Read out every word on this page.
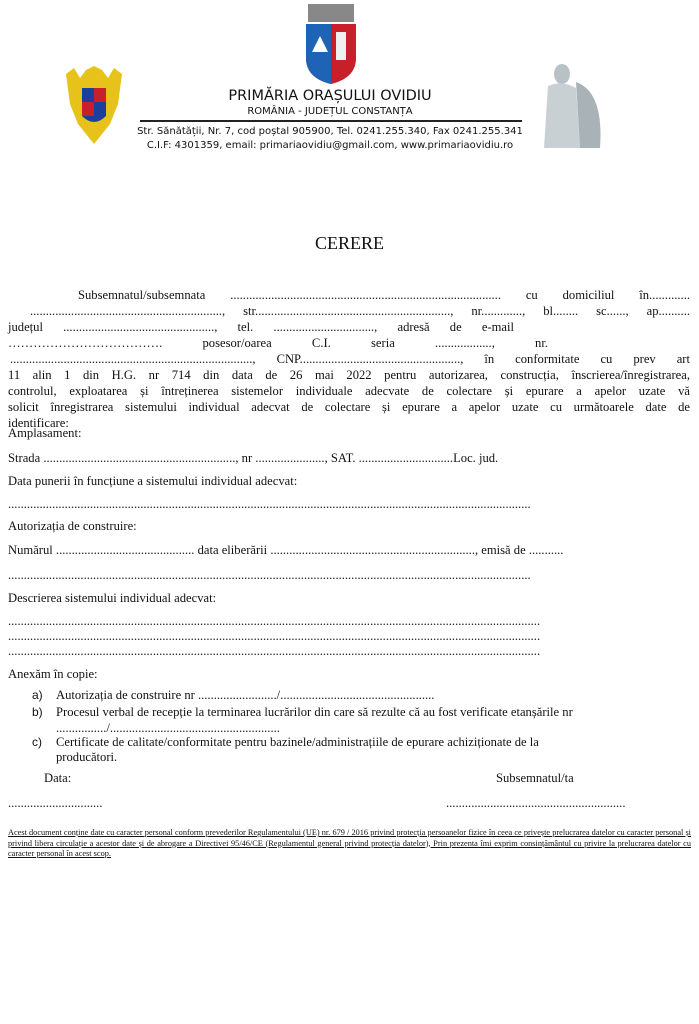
PRIMĂRIA ORAȘULUI OVIDIU
ROMÂNIA - JUDEȚUL CONSTANȚA
Str. Sănătății, Nr. 7, cod poștal 905900, Tel. 0241.255.340, Fax 0241.255.341
C.I.F: 4301359, email: primariaovidiu@gmail.com, www.primariaovidiu.ro
CERERE
Subsemnatul/subsemnata ...................................................................................... cu domiciliul în.............
............................................................., str.............................................................., nr............., bl........ sc......, ap..........
județul ................................................, tel. ................................, adresă de e-mail
………………………………. posesor/oarea C.I. seria .................., nr.
............................................................................., CNP..................................................., în conformitate cu prev art
11 alin 1 din H.G. nr 714 din data de 26 mai 2022 pentru autorizarea, construcția, înscrierea/înregistrarea,
controlul, exploatarea și întreținerea sistemelor individuale adecvate de colectare și epurare a apelor uzate vă
solicit înregistrarea sistemului individual adecvat de colectare și epurare a apelor uzate cu următoarele date de
identificare:
Amplasament:
Strada ............................................................., nr ......................, SAT. ..............................Loc. jud.
Data punerii în funcțiune a sistemului individual adecvat:
......................................................................................................................................................................
Autorizația de construire:
Numărul ............................................ data eliberării ................................................................., emisă de ...........
......................................................................................................................................................................
Descrierea sistemului individual adecvat:
.........................................................................................................................................................................
.........................................................................................................................................................................
.........................................................................................................................................................................
Anexăm în copie:
a) Autorizația de construire nr ........................./.................................................
b) Procesul verbal de recepție la terminarea lucrărilor din care să rezulte că au fost verificate etanșările nr
................/......................................................
c) Certificate de calitate/conformitate pentru bazinele/administrațiile de epurare achiziționate de la
producători.
Data:	Subsemnatul/ta
..............................	.........................................................
Acest document conține date cu caracter personal conform prevederilor Regulamentului (UE) nr. 679 / 2016 privind protecția persoanelor fizice în ceea ce privește prelucrarea datelor cu caracter personal și privind libera circulație a acestor date și de abrogare a Directivei 95/46/CE (Regulamentul general privind protecția datelor), Prin prezenta îmi exprim consințământul cu privire la prelucrarea datelor cu caracter personal în acest scop.
